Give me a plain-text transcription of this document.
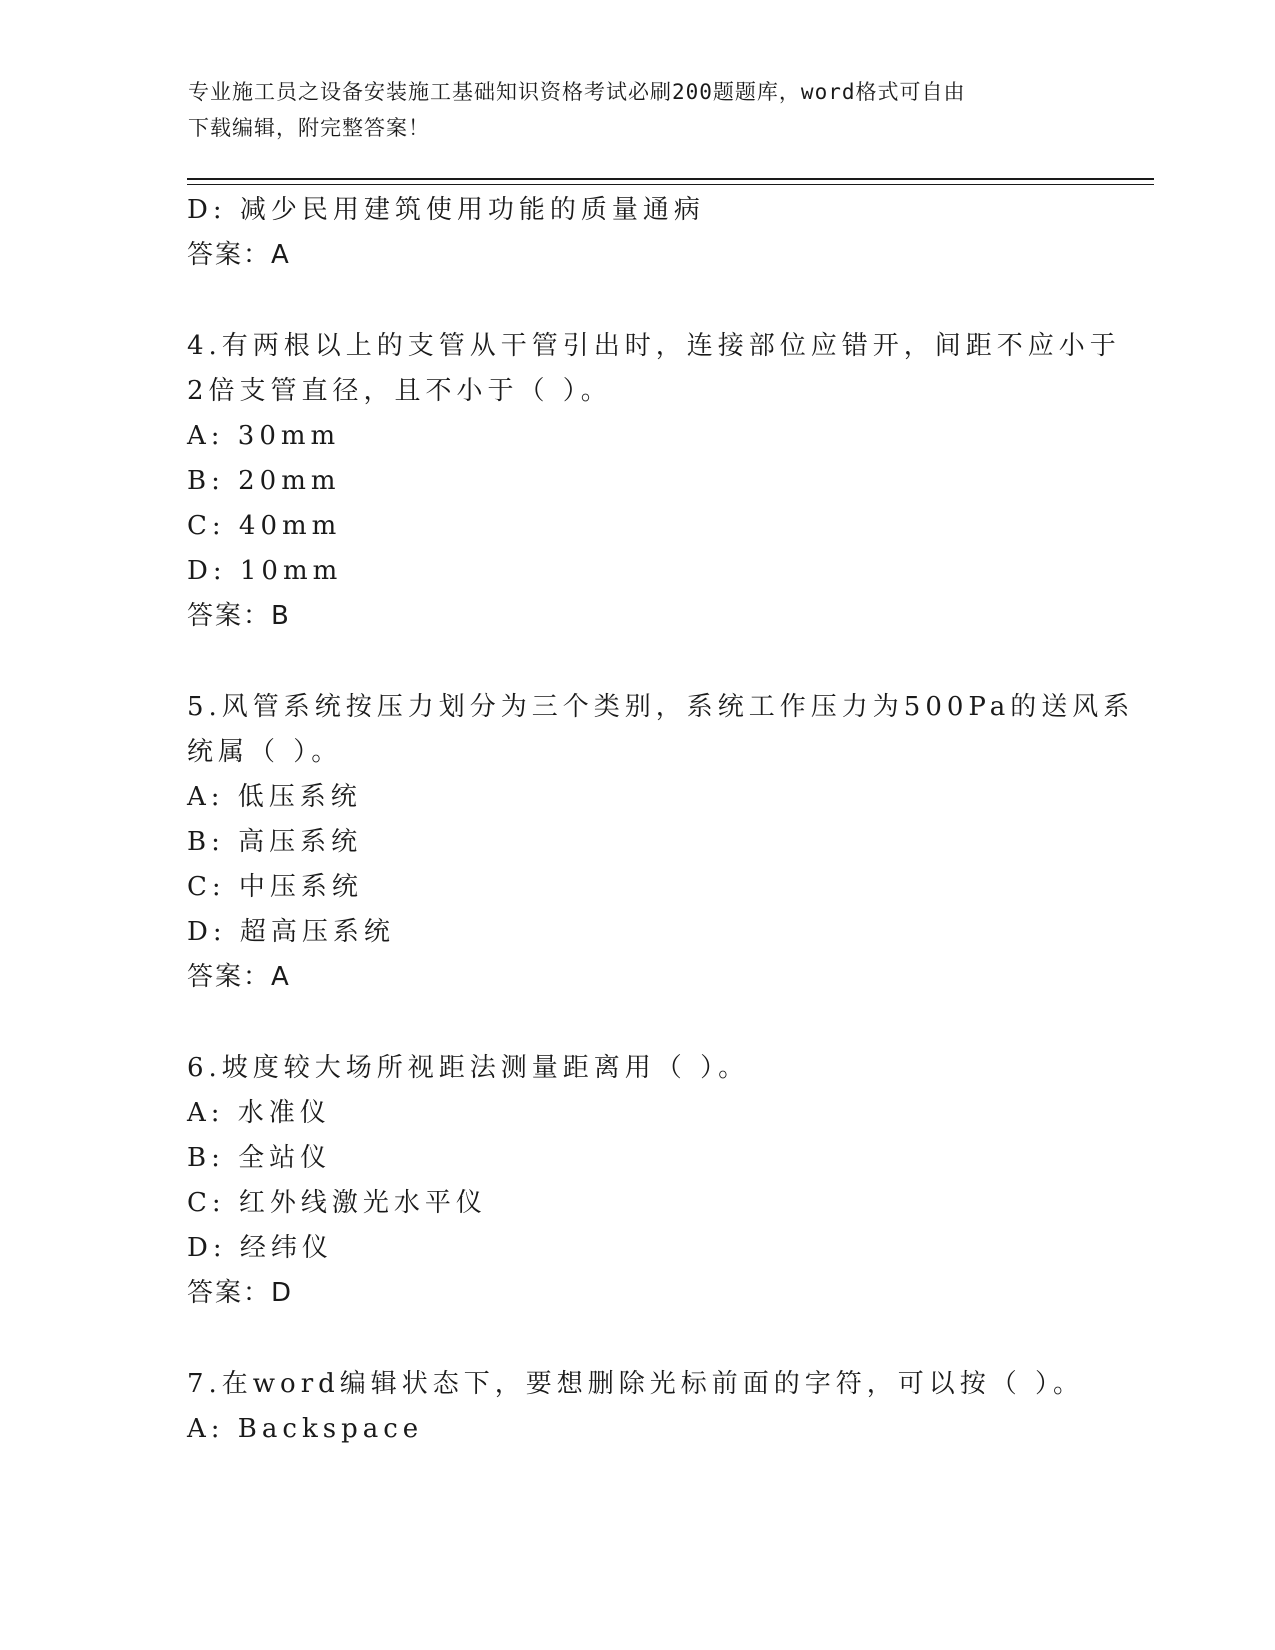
专业施工员之设备安装施工基础知识资格考试必刷200题题库，word格式可自由
下载编辑，附完整答案！
D: 减少民用建筑使用功能的质量通病
答案：A
4.有两根以上的支管从干管引出时，连接部位应错开，间距不应小于
2倍支管直径，且不小于（ ）。
A: 30mm
B: 20mm
C: 40mm
D: 10mm
答案：B
5.风管系统按压力划分为三个类别，系统工作压力为500Pa的送风系
统属（ ）。
A: 低压系统
B: 高压系统
C: 中压系统
D: 超高压系统
答案：A
6.坡度较大场所视距法测量距离用（ ）。
A: 水准仪
B: 全站仪
C: 红外线激光水平仪
D: 经纬仪
答案：D
7.在word编辑状态下，要想删除光标前面的字符，可以按（ ）。
A: Backspace
